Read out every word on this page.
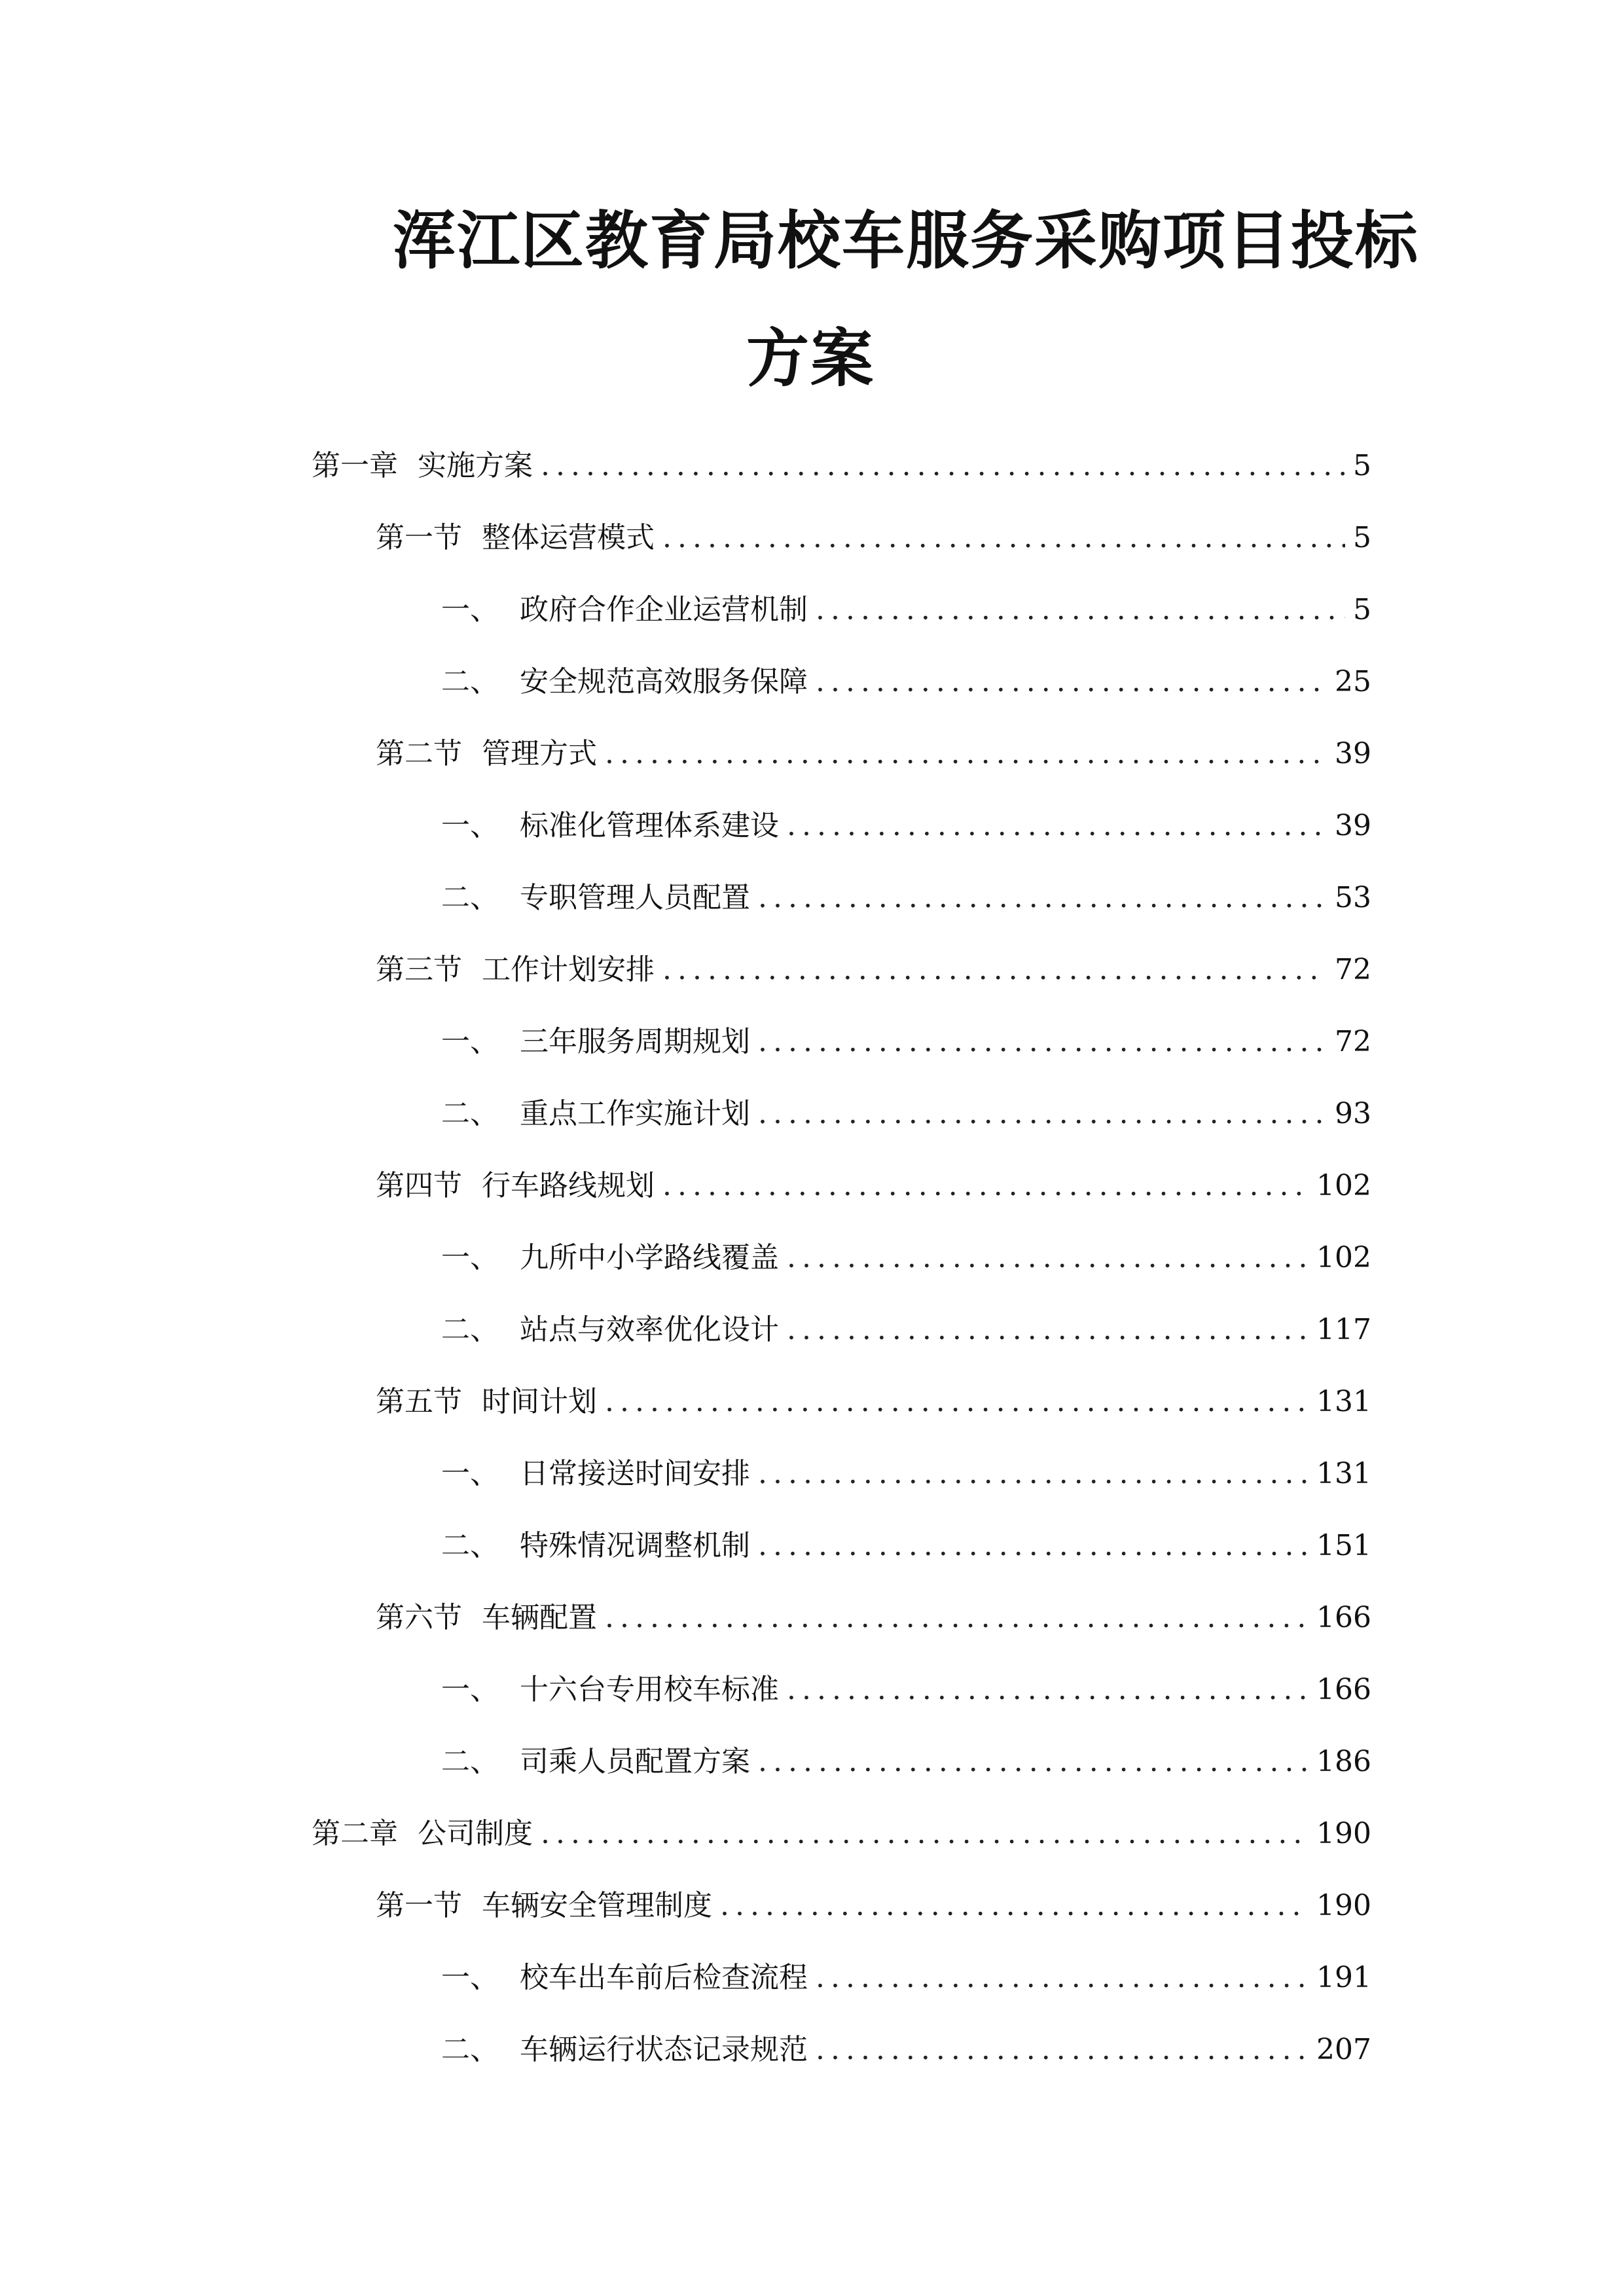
浑江区教育局校车服务采购项目投标
方案
第一章 实施方案 .....	5
第一节 整体运营模式 .....	5
一、 政府合作企业运营机制 .....	5
二、 安全规范高效服务保障 .....	25
第二节 管理方式 .....	39
一、 标准化管理体系建设 .....	39
二、 专职管理人员配置 .....	53
第三节 工作计划安排 .....	72
一、 三年服务周期规划 .....	72
二、 重点工作实施计划 .....	93
第四节 行车路线规划 .....	102
一、 九所中小学路线覆盖 .....	102
二、 站点与效率优化设计 .....	117
第五节 时间计划 .....	131
一、 日常接送时间安排 .....	131
二、 特殊情况调整机制 .....	151
第六节 车辆配置 .....	166
一、 十六台专用校车标准 .....	166
二、 司乘人员配置方案 .....	186
第二章 公司制度 .....	190
第一节 车辆安全管理制度 .....	190
一、 校车出车前后检查流程 .....	191
二、 车辆运行状态记录规范 .....	207
